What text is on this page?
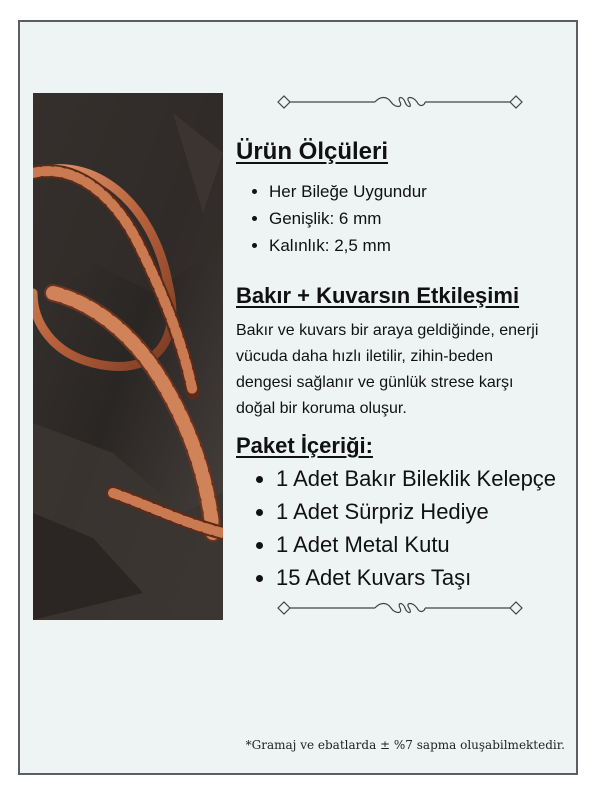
Ürün Ölçüleri
• Her Bileğe Uygundur
• Genişlik: 6 mm
• Kalınlık: 2,5 mm
Bakır + Kuvarsın Etkileşimi

Bakır ve kuvars bir araya geldiğinde, enerji vücuda daha hızlı iletilir, zihin-beden dengesi sağlanır ve günlük strese karşı doğal bir koruma oluşur.

Paket İçeriği:
• 1 Adet Bakır Bileklik Kelepçe
• 1 Adet Sürpriz Hediye
• 1 Adet Metal Kutu
• 15 Adet Kuvars Taşı

*Gramaj ve ebatlarda ± %7 sapma oluşabilmektedir.
